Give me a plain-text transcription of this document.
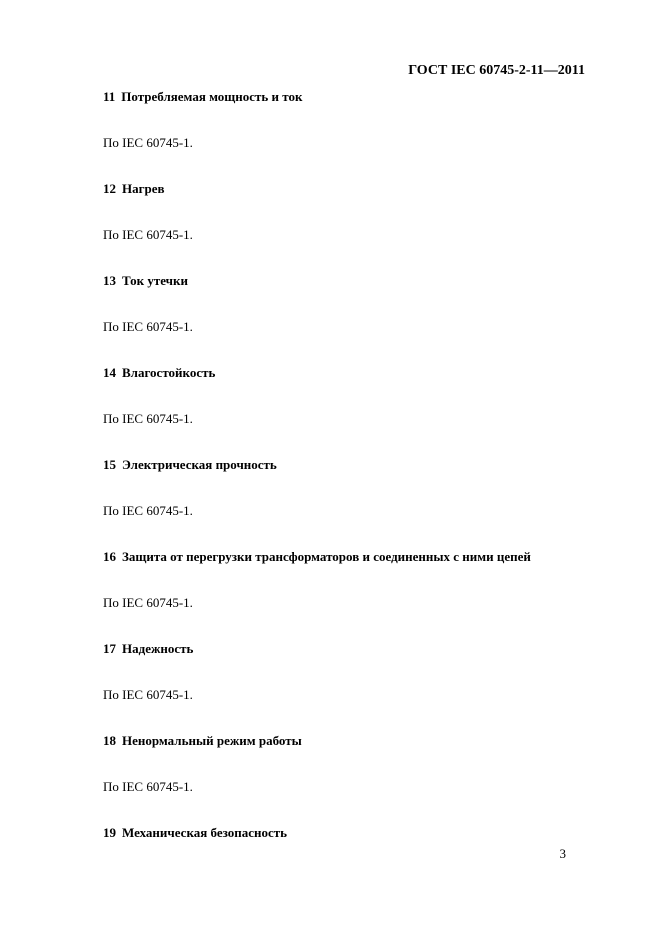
ГОСТ IEC 60745-2-11—2011
11 Потребляемая мощность и ток
По IEC 60745-1.
12 Нагрев
По IEC 60745-1.
13 Ток утечки
По IEC 60745-1.
14 Влагостойкость
По IEC 60745-1.
15 Электрическая прочность
По IEC 60745-1.
16 Защита от перегрузки трансформаторов и соединенных с ними цепей
По IEC 60745-1.
17 Надежность
По IEC 60745-1.
18 Ненормальный режим работы
По IEC 60745-1.
19 Механическая безопасность
3
